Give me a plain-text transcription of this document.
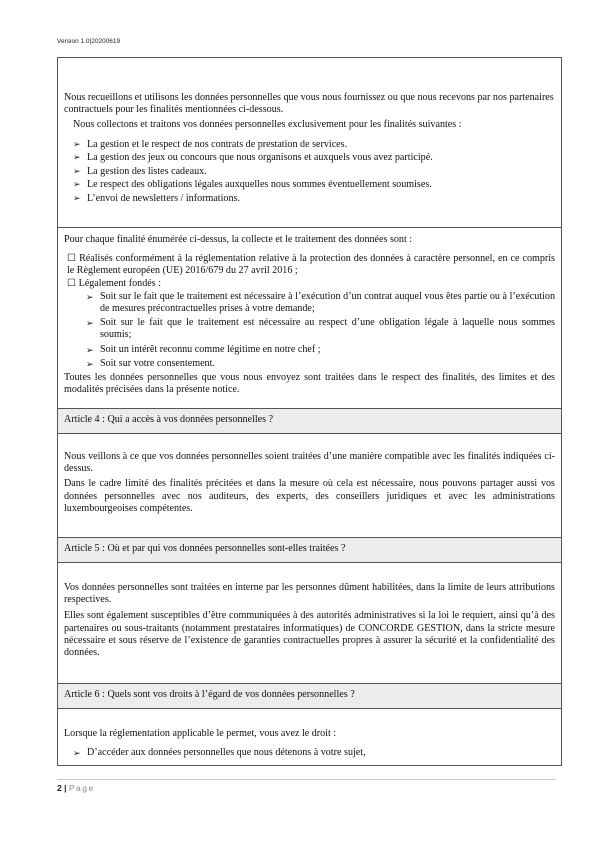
Version 1.0|20200619

Nous recueillons et utilisons les données personnelles que vous nous fournissez ou que nous recevons par nos partenaires contractuels pour les finalités mentionnées ci-dessous.

Nous collectons et traitons vos données personnelles exclusivement pour les finalités suivantes :

➢ La gestion et le respect de nos contrats de prestation de services.
➢ La gestion des jeux ou concours que nous organisons et auxquels vous avez participé.
➢ La gestion des listes cadeaux.
➢ Le respect des obligations légales auxquelles nous sommes éventuellement soumises.
➢ L’envoi de newsletters / informations.

Pour chaque finalité énumérée ci-dessus, la collecte et le traitement des données sont :

☐ Réalisés conformément à la réglementation relative à la protection des données à caractère personnel, en ce compris le Règlement européen (UE) 2016/679 du 27 avril 2016 ;

☐ Légalement fondés :

➢ Soit sur le fait que le traitement est nécessaire à l’exécution d’un contrat auquel vous êtes partie ou à l’exécution de mesures précontractuelles prises à votre demande;
➢ Soit sur le fait que le traitement est nécessaire au respect d’une obligation légale à laquelle nous sommes soumis;
➢ Soit un intérêt reconnu comme légitime en notre chef ;
➢ Soit sur votre consentement.

Toutes les données personnelles que vous nous envoyez sont traitées dans le respect des finalités, des limites et des modalités précisées dans la présente notice.

Article 4 : Qui a accès à vos données personnelles ?

Nous veillons à ce que vos données personnelles soient traitées d’une manière compatible avec les finalités indiquées ci-dessus.

Dans le cadre limité des finalités précitées et dans la mesure où cela est nécessaire, nous pouvons partager aussi vos données personnelles avec nos auditeurs, des experts, des conseillers juridiques et avec les administrations luxembourgeoises compétentes.

Article 5 : Où et par qui vos données personnelles sont-elles traitées ?

Vos données personnelles sont traitées en interne par les personnes dûment habilitées, dans la limite de leurs attributions respectives.

Elles sont également susceptibles d’être communiquées à des autorités administratives si la loi le requiert, ainsi qu’à des partenaires ou sous-traitants (notamment prestataires informatiques) de CONCORDE GESTION, dans la stricte mesure nécessaire et sous réserve de l’existence de garanties contractuelles propres à assurer la sécurité et la confidentialité des données.

Article 6 : Quels sont vos droits à l’égard de vos données personnelles ?

Lorsque la réglementation applicable le permet, vous avez le droit :

➢ D’accéder aux données personnelles que nous détenons à votre sujet,
2 | Page
